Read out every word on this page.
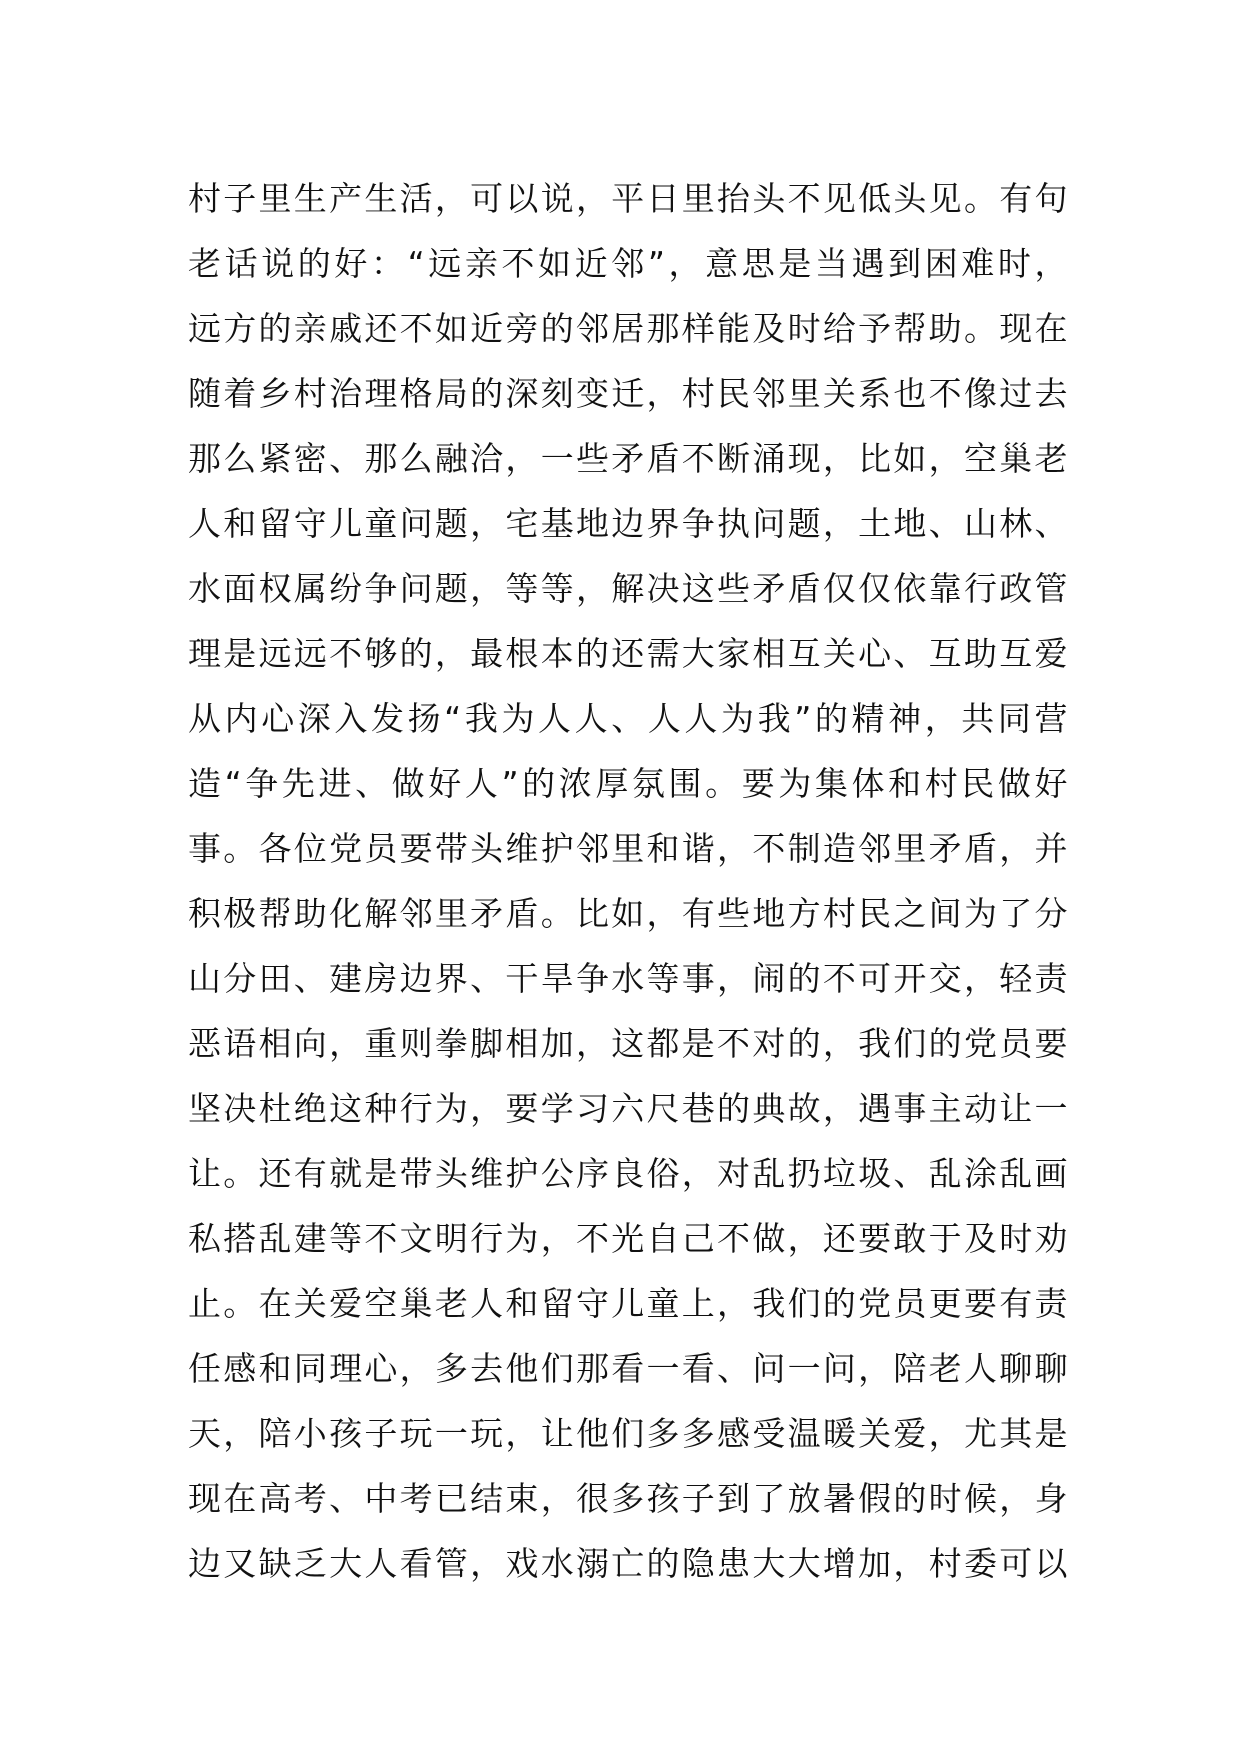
村子里生产生活，可以说，平日里抬头不见低头见。有句
老话说的好：“远亲不如近邻”，意思是当遇到困难时，
远方的亲戚还不如近旁的邻居那样能及时给予帮助。现在
随着乡村治理格局的深刻变迁，村民邻里关系也不像过去
那么紧密、那么融洽，一些矛盾不断涌现，比如，空巢老
人和留守儿童问题，宅基地边界争执问题，土地、山林、
水面权属纷争问题，等等，解决这些矛盾仅仅依靠行政管
理是远远不够的，最根本的还需大家相互关心、互助互爱
从内心深入发扬“我为人人、人人为我”的精神，共同营
造“争先进、做好人”的浓厚氛围。要为集体和村民做好
事。各位党员要带头维护邻里和谐，不制造邻里矛盾，并
积极帮助化解邻里矛盾。比如，有些地方村民之间为了分
山分田、建房边界、干旱争水等事，闹的不可开交，轻责
恶语相向，重则拳脚相加，这都是不对的，我们的党员要
坚决杜绝这种行为，要学习六尺巷的典故，遇事主动让一
让。还有就是带头维护公序良俗，对乱扔垃圾、乱涂乱画
私搭乱建等不文明行为，不光自己不做，还要敢于及时劝
止。在关爱空巢老人和留守儿童上，我们的党员更要有责
任感和同理心，多去他们那看一看、问一问，陪老人聊聊
天，陪小孩子玩一玩，让他们多多感受温暖关爱，尤其是
现在高考、中考已结束，很多孩子到了放暑假的时候，身
边又缺乏大人看管，戏水溺亡的隐患大大增加，村委可以
